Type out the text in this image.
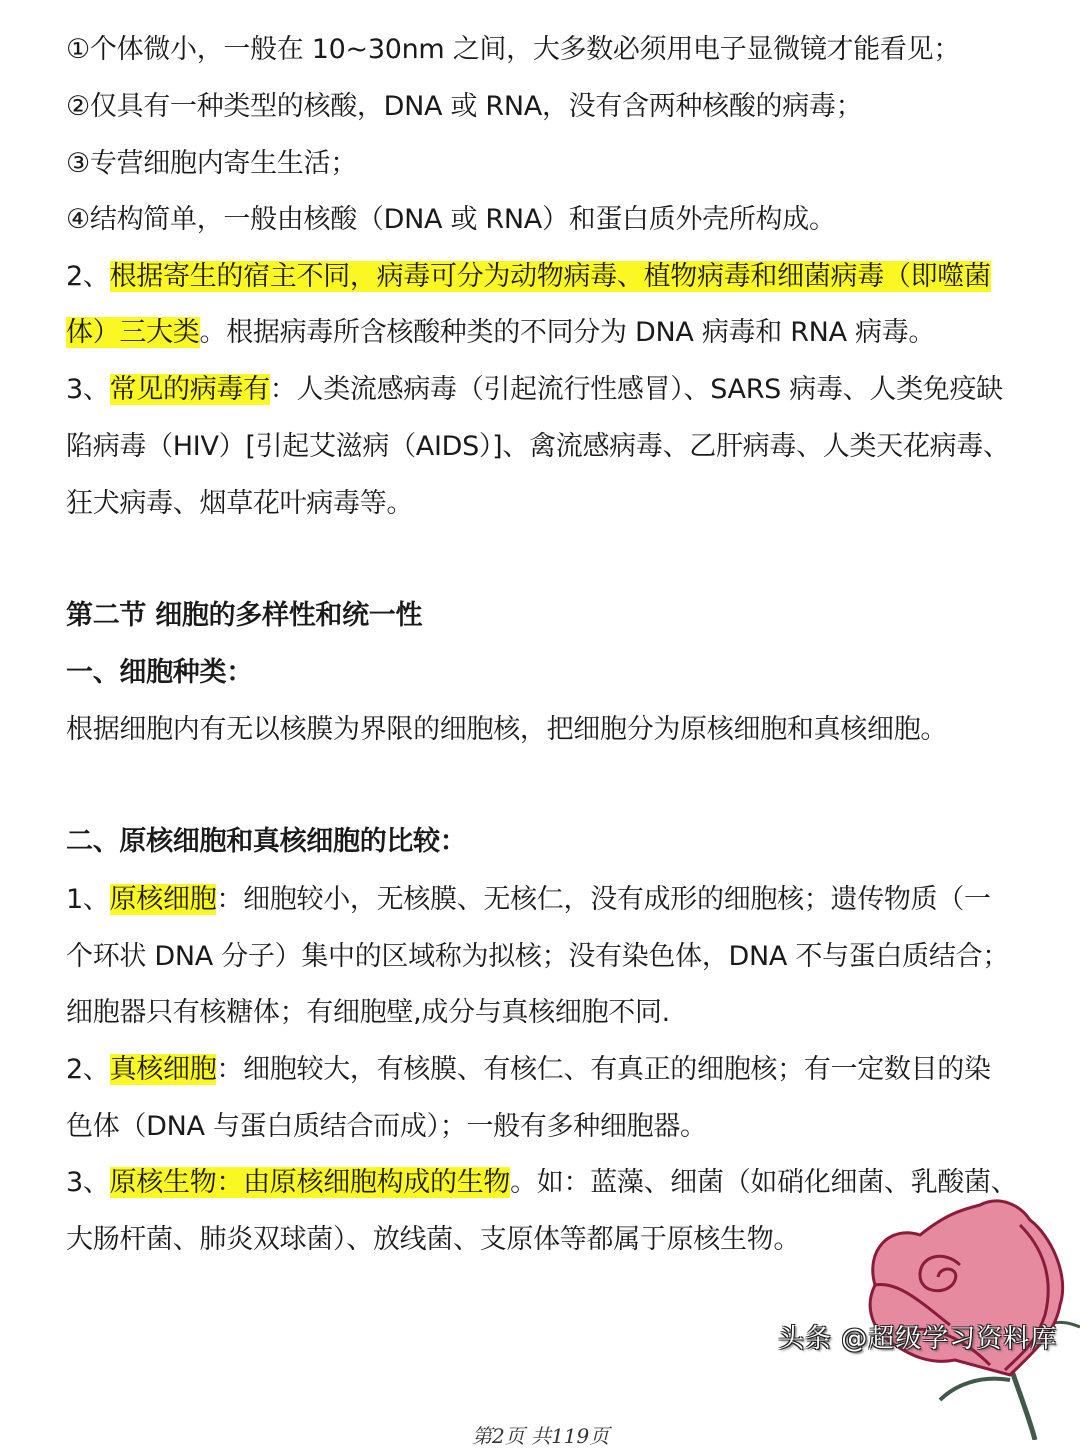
①个体微小，一般在 10~30nm 之间，大多数必须用电子显微镜才能看见；
②仅具有一种类型的核酸，DNA 或 RNA，没有含两种核酸的病毒；
③专营细胞内寄生生活；
④结构简单，一般由核酸（DNA 或 RNA）和蛋白质外壳所构成。
2、根据寄生的宿主不同，病毒可分为动物病毒、植物病毒和细菌病毒（即噬菌
体）三大类。根据病毒所含核酸种类的不同分为 DNA 病毒和 RNA 病毒。
3、常见的病毒有：人类流感病毒（引起流行性感冒）、SARS 病毒、人类免疫缺
陷病毒（HIV）[引起艾滋病（AIDS）]、禽流感病毒、乙肝病毒、人类天花病毒、
狂犬病毒、烟草花叶病毒等。
第二节 细胞的多样性和统一性
一、细胞种类：
根据细胞内有无以核膜为界限的细胞核，把细胞分为原核细胞和真核细胞。
二、原核细胞和真核细胞的比较：
1、原核细胞：细胞较小，无核膜、无核仁，没有成形的细胞核；遗传物质（一
个环状 DNA 分子）集中的区域称为拟核；没有染色体，DNA 不与蛋白质结合；
细胞器只有核糖体；有细胞壁,成分与真核细胞不同.
2、真核细胞：细胞较大，有核膜、有核仁、有真正的细胞核；有一定数目的染
色体（DNA 与蛋白质结合而成）；一般有多种细胞器。
3、原核生物：由原核细胞构成的生物。如：蓝藻、细菌（如硝化细菌、乳酸菌、
大肠杆菌、肺炎双球菌）、放线菌、支原体等都属于原核生物。
头条 @超级学习资料库
第2页 共119页
